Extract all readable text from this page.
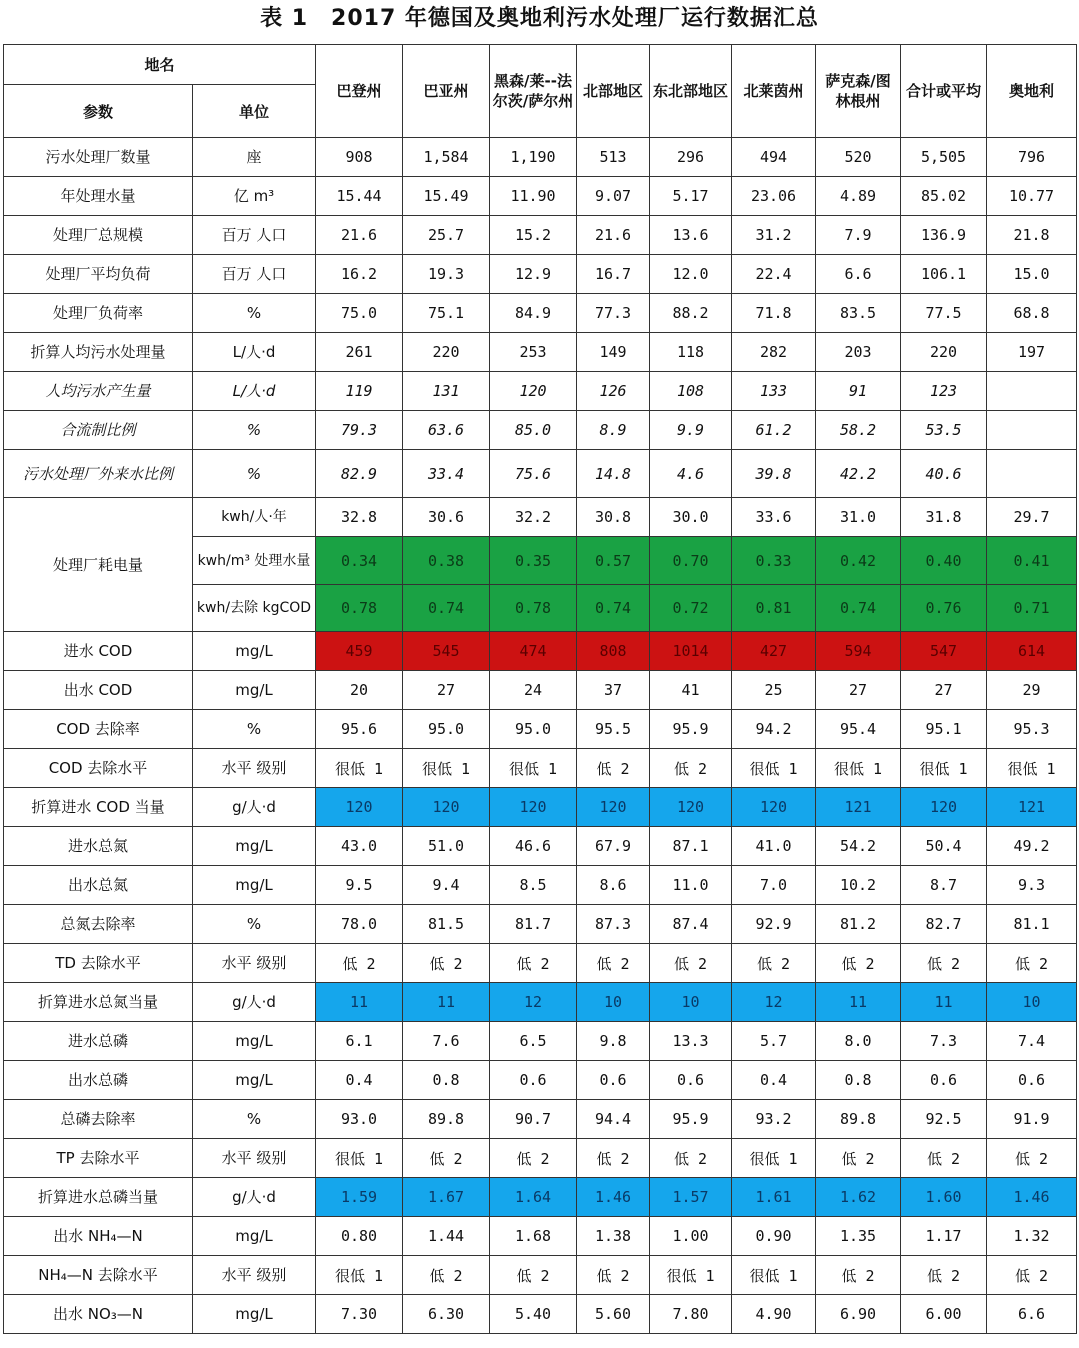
表 1　2017 年德国及奥地利污水处理厂运行数据汇总
地名		巴登州	巴亚州	黑森/莱--法尔茨/萨尔州	北部地区	东北部地区	北莱茵州	萨克森/图林根州	合计或平均	奥地利
参数	单位									
污水处理厂数量	座	908	1,584	1,190	513	296	494	520	5,505	796
年处理水量	亿 m³	15.44	15.49	11.90	9.07	5.17	23.06	4.89	85.02	10.77
处理厂总规模	百万 人口	21.6	25.7	15.2	21.6	13.6	31.2	7.9	136.9	21.8
处理厂平均负荷	百万 人口	16.2	19.3	12.9	16.7	12.0	22.4	6.6	106.1	15.0
处理厂负荷率	%	75.0	75.1	84.9	77.3	88.2	71.8	83.5	77.5	68.8
折算人均污水处理量	L/人·d	261	220	253	149	118	282	203	220	197
人均污水产生量	L/人·d	119	131	120	126	108	133	91	123	
合流制比例	%	79.3	63.6	85.0	8.9	9.9	61.2	58.2	53.5	
污水处理厂外来水比例	%	82.9	33.4	75.6	14.8	4.6	39.8	42.2	40.6	
处理厂耗电量	kwh/人·年	32.8	30.6	32.2	30.8	30.0	33.6	31.0	31.8	29.7
	kwh/m³ 处理水量	0.34	0.38	0.35	0.57	0.70	0.33	0.42	0.40	0.41
	kwh/去除 kgCOD	0.78	0.74	0.78	0.74	0.72	0.81	0.74	0.76	0.71
进水 COD	mg/L	459	545	474	808	1014	427	594	547	614
出水 COD	mg/L	20	27	24	37	41	25	27	27	29
COD 去除率	%	95.6	95.0	95.0	95.5	95.9	94.2	95.4	95.1	95.3
COD 去除水平	水平 级别	很低 1	很低 1	很低 1	低 2	低 2	很低 1	很低 1	很低 1	很低 1
折算进水 COD 当量	g/人·d	120	120	120	120	120	120	121	120	121
进水总氮	mg/L	43.0	51.0	46.6	67.9	87.1	41.0	54.2	50.4	49.2
出水总氮	mg/L	9.5	9.4	8.5	8.6	11.0	7.0	10.2	8.7	9.3
总氮去除率	%	78.0	81.5	81.7	87.3	87.4	92.9	81.2	82.7	81.1
TD 去除水平	水平 级别	低 2	低 2	低 2	低 2	低 2	低 2	低 2	低 2	低 2
折算进水总氮当量	g/人·d	11	11	12	10	10	12	11	11	10
进水总磷	mg/L	6.1	7.6	6.5	9.8	13.3	5.7	8.0	7.3	7.4
出水总磷	mg/L	0.4	0.8	0.6	0.6	0.6	0.4	0.8	0.6	0.6
总磷去除率	%	93.0	89.8	90.7	94.4	95.9	93.2	89.8	92.5	91.9
TP 去除水平	水平 级别	很低 1	低 2	低 2	低 2	低 2	很低 1	低 2	低 2	低 2
折算进水总磷当量	g/人·d	1.59	1.67	1.64	1.46	1.57	1.61	1.62	1.60	1.46
出水 NH₄—N	mg/L	0.80	1.44	1.68	1.38	1.00	0.90	1.35	1.17	1.32
NH₄—N 去除水平	水平 级别	很低 1	低 2	低 2	低 2	很低 1	很低 1	低 2	低 2	低 2
出水 NO₃—N	mg/L	7.30	6.30	5.40	5.60	7.80	4.90	6.90	6.00	6.6
